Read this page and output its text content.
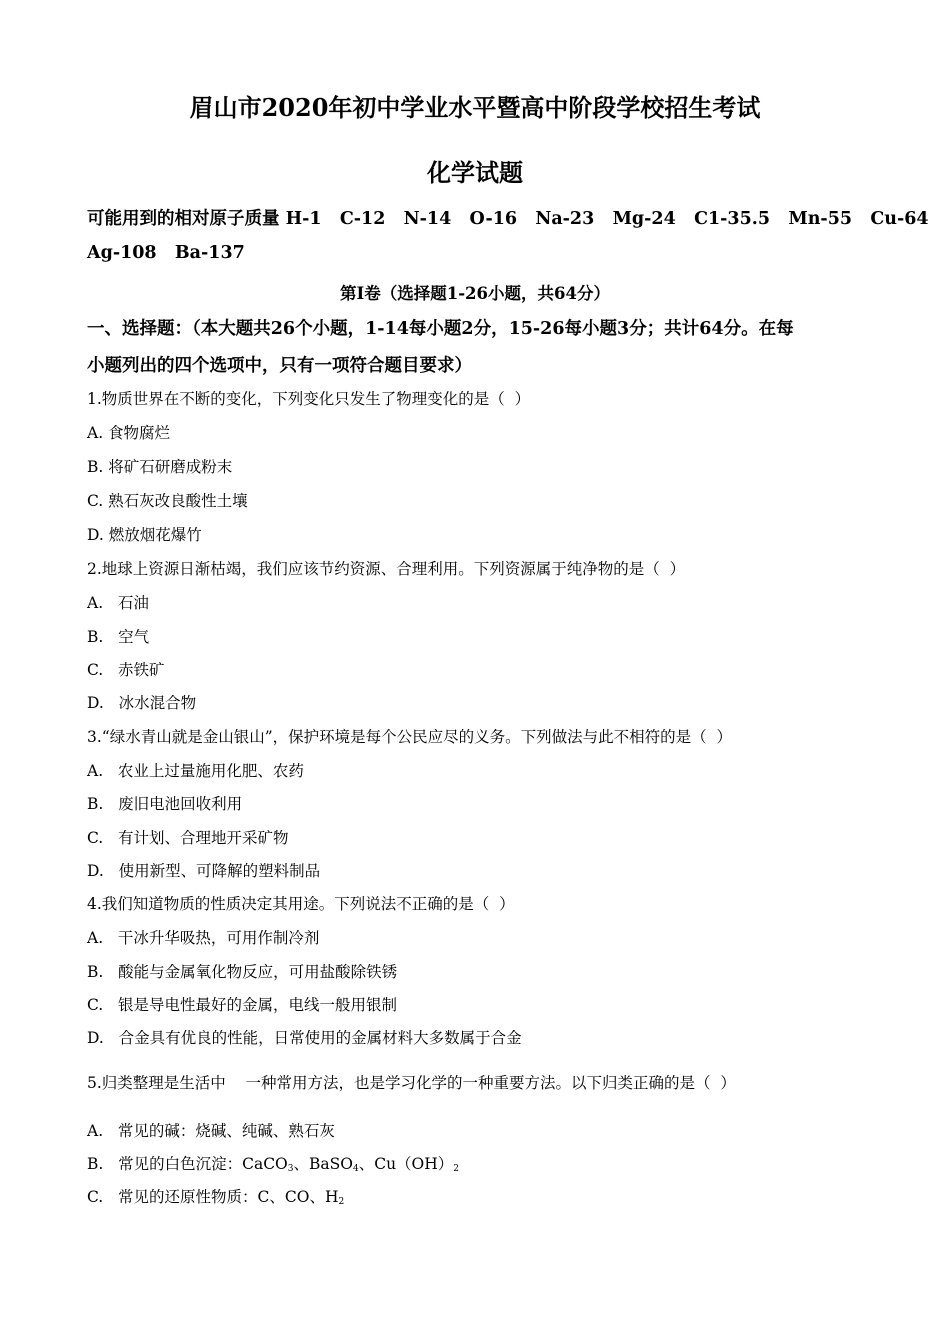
眉山市2020年初中学业水平暨高中阶段学校招生考试
化学试题
可能用到的相对原子质量 H-1   C-12   N-14   O-16   Na-23   Mg-24   C1-35.5   Mn-55   Cu-64
Ag-108   Ba-137
第I卷（选择题1-26小题，共64分）
一、选择题：（本大题共26个小题，1-14每小题2分，15-26每小题3分；共计64分。在每
小题列出的四个选项中，只有一项符合题目要求）
1.物质世界在不断的变化，下列变化只发生了物理变化的是（  ）
A. 食物腐烂
B. 将矿石研磨成粉末
C. 熟石灰改良酸性土壤
D. 燃放烟花爆竹
2.地球上资源日渐枯竭，我们应该节约资源、合理利用。下列资源属于纯净物的是（  ）
A.   石油
B.   空气
C.   赤铁矿
D.   冰水混合物
3.“绿水青山就是金山银山”，保护环境是每个公民应尽的义务。下列做法与此不相符的是（  ）
A.   农业上过量施用化肥、农药
B.   废旧电池回收利用
C.   有计划、合理地开采矿物
D.   使用新型、可降解的塑料制品
4.我们知道物质的性质决定其用途。下列说法不正确的是（  ）
A.   干冰升华吸热，可用作制冷剂
B.   酸能与金属氧化物反应，可用盐酸除铁锈
C.   银是导电性最好的金属，电线一般用银制
D.   合金具有优良的性能，日常使用的金属材料大多数属于合金
5.归类整理是生活中    一种常用方法，也是学习化学的一种重要方法。以下归类正确的是（  ）
A.   常见的碱：烧碱、纯碱、熟石灰
B.   常见的白色沉淀：CaCO$_3$、BaSO$_4$、$Cu(OH)_2$
C.   常见的还原性物质：C、CO、$H_2$
